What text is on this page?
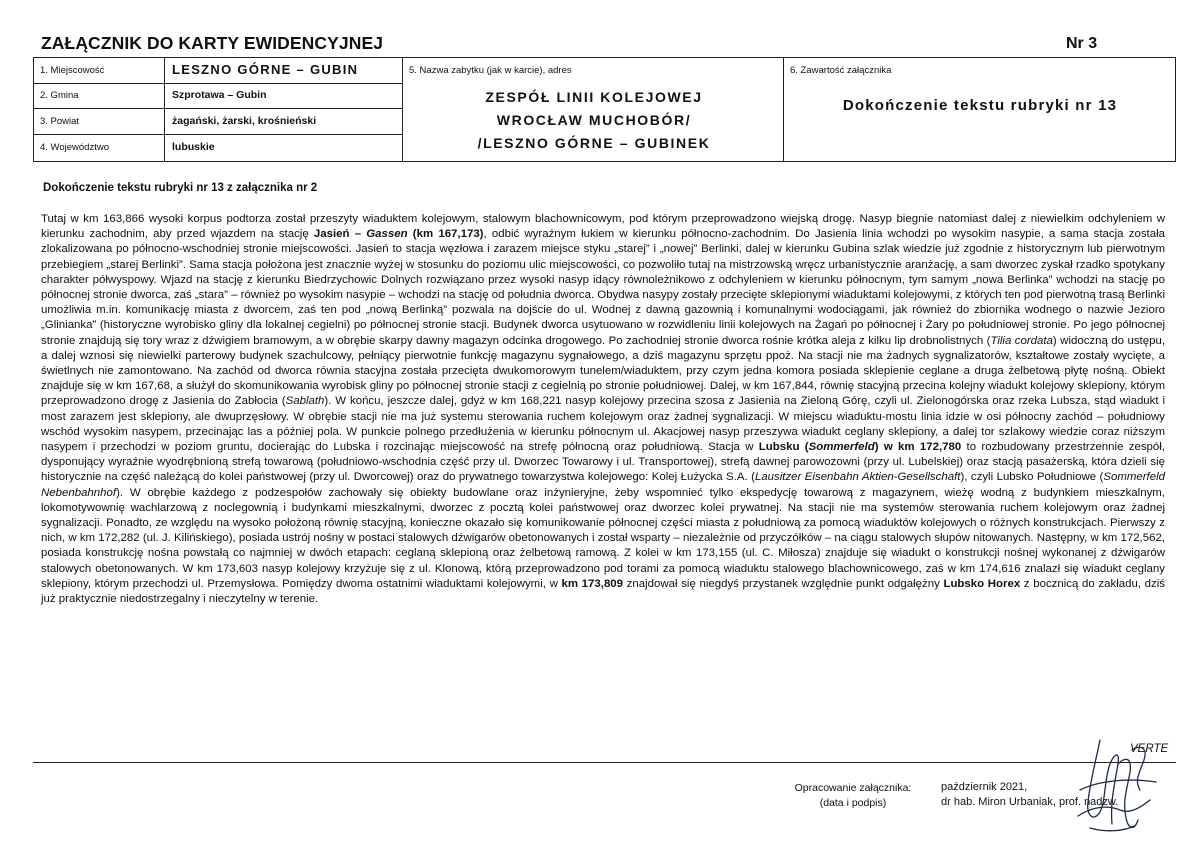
ZAŁĄCZNIK DO KARTY EWIDENCYJNEJ	Nr 3
1. Miejscowość	LESZNO GÓRNE – GUBIN
2. Gmina	Szprotawa – Gubin
3. Powiat	żagański, żarski, krośnieński
4. Województwo	lubuskie
5. Nazwa zabytku (jak w karcie), adres
ZESPÓŁ LINII KOLEJOWEJ
WROCŁAW MUCHOBÓR/
/LESZNO GÓRNE – GUBINEK
6. Zawartość załącznika
Dokończenie tekstu rubryki nr 13
Dokończenie tekstu rubryki nr 13 z załącznika nr 2

Tutaj w km 163,866 wysoki korpus podtorza został przeszyty wiaduktem kolejowym, stalowym blachownicowym, pod którym przeprowadzono wiejską drogę. Nasyp biegnie natomiast dalej z niewielkim odchyleniem w kierunku zachodnim, aby przed wjazdem na stację Jasień – Gassen (km 167,173), odbić wyraźnym łukiem w kierunku północno-zachodnim. Do Jasienia linia wchodzi po wysokim nasypie, a sama stacja została zlokalizowana po północno-wschodniej stronie miejscowości. Jasień to stacja węzłowa i zarazem miejsce styku „starej” i „nowej” Berlinki, dalej w kierunku Gubina szlak wiedzie już zgodnie z historycznym lub pierwotnym przebiegiem „starej Berlinki”. Sama stacja położona jest znacznie wyżej w stosunku do poziomu ulic miejscowości, co pozwoliło tutaj na mistrzowską wręcz urbanistycznie aranżację, a sam dworzec zyskał rzadko spotykany charakter półwyspowy. Wjazd na stację z kierunku Biedrzychowic Dolnych rozwiązano przez wysoki nasyp idący równoleżnikowo z odchyleniem w kierunku północnym, tym samym „nowa Berlinka” wchodzi na stację po północnej stronie dworca, zaś „stara” – również po wysokim nasypie – wchodzi na stację od południa dworca. Obydwa nasypy zostały przecięte sklepionymi wiaduktami kolejowymi, z których ten pod pierwotną trasą Berlinki umożliwia m.in. komunikację miasta z dworcem, zaś ten pod „nową Berlinką” pozwala na dojście do ul. Wodnej z dawną gazownią i komunalnymi wodociągami, jak również do zbiornika wodnego o nazwie Jezioro „Glinianka” (historyczne wyrobisko gliny dla lokalnej cegielni) po północnej stronie stacji. Budynek dworca usytuowano w rozwidleniu linii kolejowych na Żagań po północnej i Żary po południowej stronie. Po jego północnej stronie znajdują się tory wraz z dźwigiem bramowym, a w obrębie skarpy dawny magazyn odcinka drogowego. Po zachodniej stronie dworca rośnie krótka aleja z kilku lip drobnolistnych (Tilia cordata) widoczną do ustępu, a dalej wznosi się niewielki parterowy budynek szachulcowy, pełniący pierwotnie funkcję magazynu sygnałowego, a dziś magazynu sprzętu ppoż. Na stacji nie ma żadnych sygnalizatorów, kształtowe zostały wycięte, a świetlnych nie zamontowano. Na zachód od dworca równia stacyjna została przecięta dwukomorowym tunelem/wiaduktem, przy czym jedna komora posiada sklepienie ceglane a druga żelbetową płytę nośną. Obiekt znajduje się w km 167,68, a służył do skomunikowania wyrobisk gliny po północnej stronie stacji z cegielnią po stronie południowej. Dalej, w km 167,844, równię stacyjną przecina kolejny wiadukt kolejowy sklepiony, którym przeprowadzono drogę z Jasienia do Zabłocia (Sablath). W końcu, jeszcze dalej, gdyż w km 168,221 nasyp kolejowy przecina szosa z Jasienia na Zieloną Górę, czyli ul. Zielonogórska oraz rzeka Lubsza, stąd wiadukt i most zarazem jest sklepiony, ale dwuprzęsłowy. W obrębie stacji nie ma już systemu sterowania ruchem kolejowym oraz żadnej sygnalizacji. W miejscu wiaduktu-mostu linia idzie w osi północny zachód – południowy wschód wysokim nasypem, przecinając las a później pola. W punkcie polnego przedłużenia w kierunku północnym ul. Akacjowej nasyp przeszywa wiadukt ceglany sklepiony, a dalej tor szlakowy wiedzie coraz niższym nasypem i przechodzi w poziom gruntu, docierając do Lubska i rozcinając miejscowość na strefę północną oraz południową. Stacja w Lubsku (Sommerfeld) w km 172,780 to rozbudowany przestrzennie zespół, dysponujący wyraźnie wyodrębnioną strefą towarową (południowo-wschodnia część przy ul. Dworzec Towarowy i ul. Transportowej), strefą dawnej parowozowni (przy ul. Lubelskiej) oraz stacją pasażerską, która dzieli się historycznie na część należącą do kolei państwowej (przy ul. Dworcowej) oraz do prywatnego towarzystwa kolejowego: Kolej Łużycka S.A. (Lausitzer Eisenbahn Aktien-Gesellschaft), czyli Lubsko Południowe (Sommerfeld Nebenbahnhof). W obrębie każdego z podzespołów zachowały się obiekty budowlane oraz inżynieryjne, żeby wspomnieć tylko ekspedycję towarową z magazynem, wieżę wodną z budynkiem mieszkalnym, lokomotywownię wachlarzową z noclegownią i budynkami mieszkalnymi, dworzec z pocztą kolei państwowej oraz dworzec kolei prywatnej. Na stacji nie ma systemów sterowania ruchem kolejowym oraz żadnej sygnalizacji. Ponadto, ze względu na wysoko położoną równię stacyjną, konieczne okazało się komunikowanie północnej części miasta z południową za pomocą wiaduktów kolejowych o różnych konstrukcjach. Pierwszy z nich, w km 172,282 (ul. J. Kilińskiego), posiada ustrój nośny w postaci stalowych dźwigarów obetonowanych i został wsparty – niezależnie od przyczółków – na ciągu stalowych słupów nitowanych. Następny, w km 172,562, posiada konstrukcję nośna powstałą co najmniej w dwóch etapach: ceglaną sklepioną oraz żelbetową ramową. Z kolei w km 173,155 (ul. C. Miłosza) znajduje się wiadukt o konstrukcji nośnej wykonanej z dźwigarów stalowych obetonowanych. W km 173,603 nasyp kolejowy krzyżuje się z ul. Klonową, którą przeprowadzono pod torami za pomocą wiaduktu stalowego blachownicowego, zaś w km 174,616 znalazł się wiadukt ceglany sklepiony, którym przechodzi ul. Przemysłowa. Pomiędzy dwoma ostatnimi wiaduktami kolejowymi, w km 173,809 znajdował się niegdyś przystanek względnie punkt odgałężny Lubsko Horex z bocznicą do zakładu, dziś już praktycznie niedostrzegalny i nieczytelny w terenie.

VERTE
Opracowanie załącznika:
(data i podpis)
październik 2021,
dr hab. Miron Urbaniak, prof. nadzw.
